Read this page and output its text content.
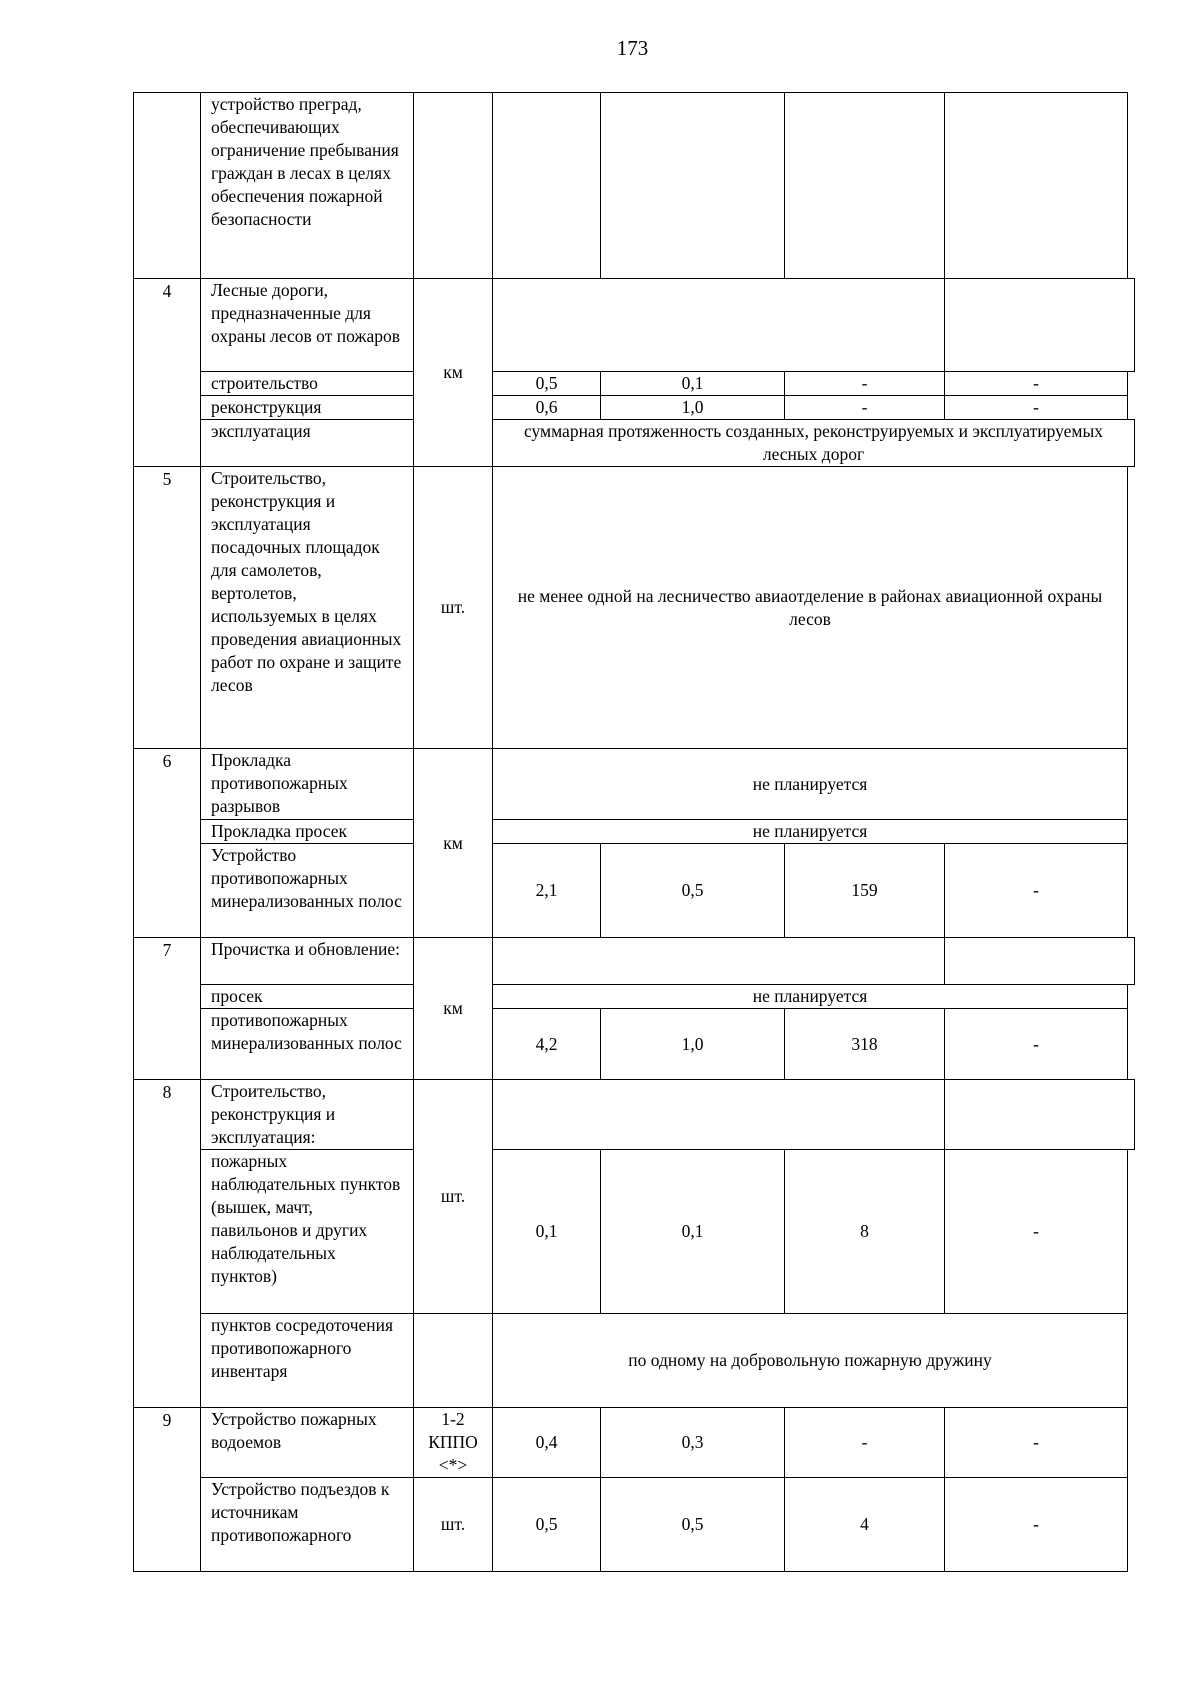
173
	устройство преград, обеспечивающих ограничение пребывания граждан в лесах в целях обеспечения пожарной безопасности					
4	Лесные дороги, предназначенные для охраны лесов от пожаров	км				
	строительство		0,5	0,1	-	-
	реконструкция		0,6	1,0	-	-
	эксплуатация		суммарная протяженность созданных, реконструируемых и эксплуатируемых лесных дорог			
5	Строительство, реконструкция и эксплуатация посадочных площадок для самолетов, вертолетов, используемых в целях проведения авиационных работ по охране и защите лесов	шт.	не менее одной на лесничество авиаотделение в районах авиационной охраны лесов			
6	Прокладка противопожарных разрывов	км	не планируется			
	Прокладка просек		не планируется			
	Устройство противопожарных минерализованных полос		2,1	0,5	159	-
7	Прочистка и обновление:	км				
	просек		не планируется			
	противопожарных минерализованных полос		4,2	1,0	318	-
8	Строительство, реконструкция и эксплуатация:	шт.				
	пожарных наблюдательных пунктов (вышек, мачт, павильонов и других наблюдательных пунктов)		0,1	0,1	8	-
	пунктов сосредоточения противопожарного инвентаря		по одному на добровольную пожарную дружину			
9	Устройство пожарных водоемов	1-2 КППО <*>	0,4	0,3	-	-
	Устройство подъездов к источникам противопожарного	шт.	0,5	0,5	4	-
